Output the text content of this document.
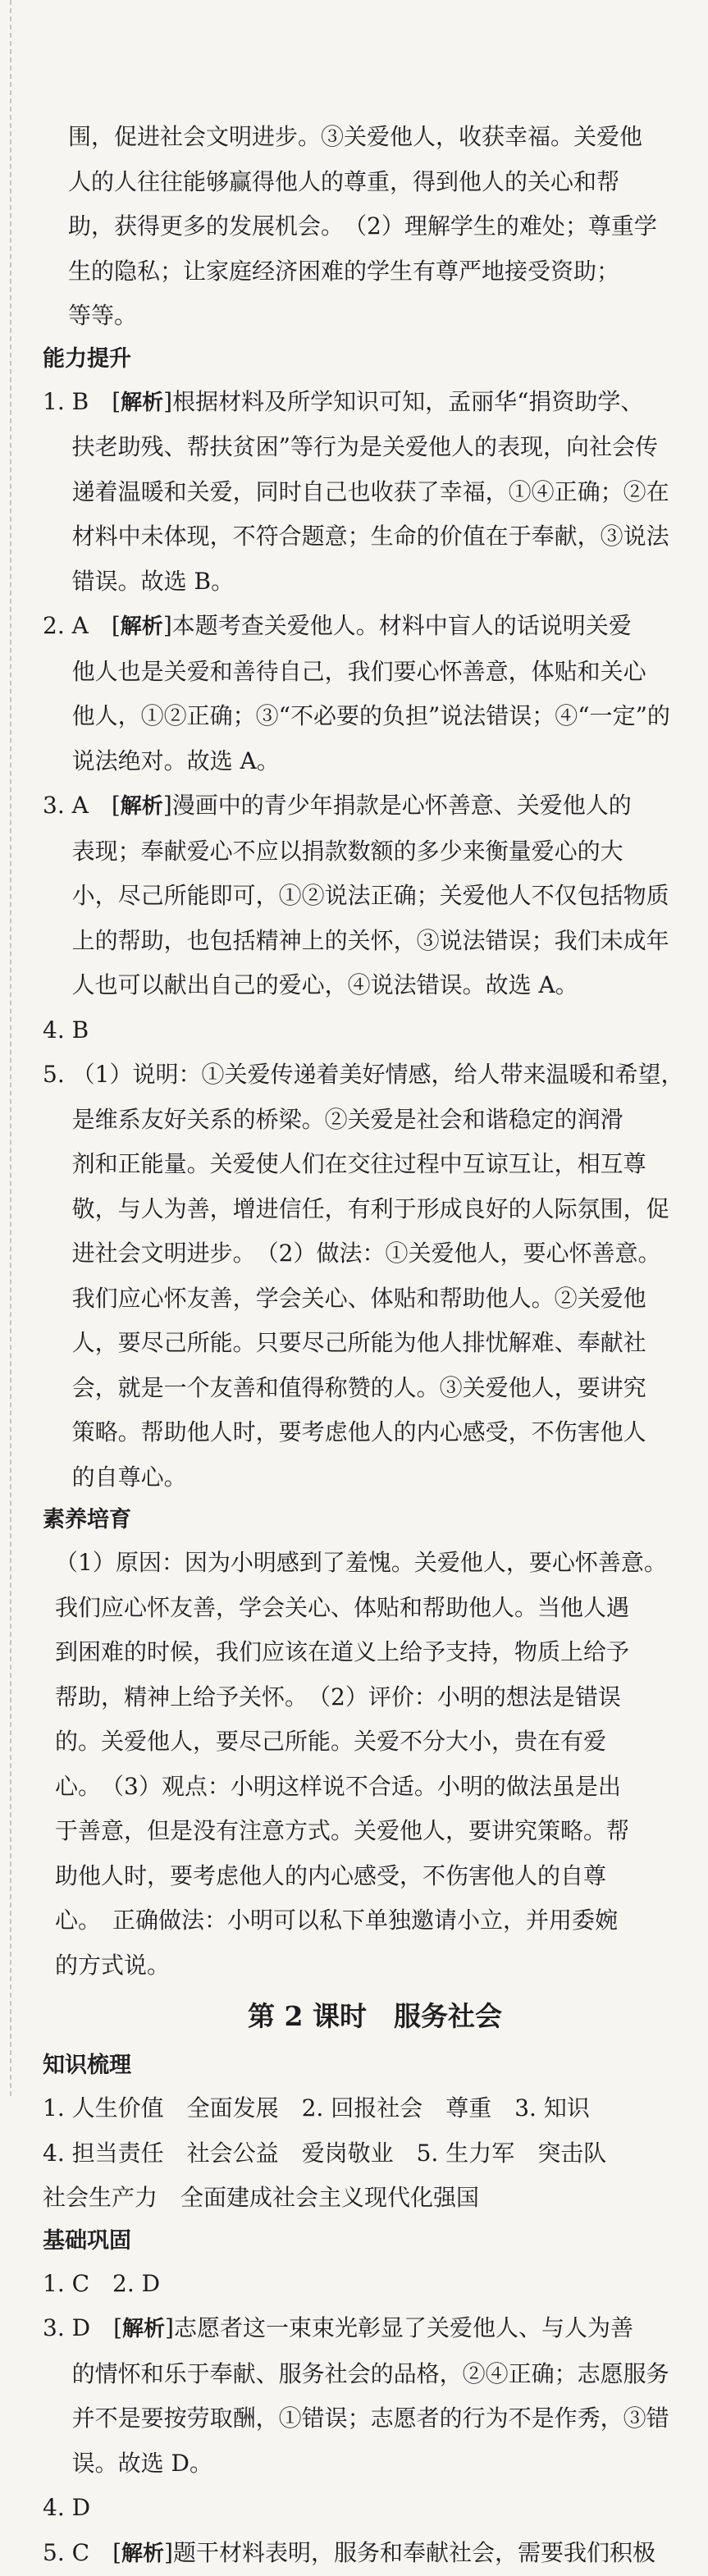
围，促进社会文明进步。③关爱他人，收获幸福。关爱他

人的人往往能够赢得他人的尊重，得到他人的关心和帮

助，获得更多的发展机会。　（2）理解学生的难处；尊重学

生的隐私；让家庭经济困难的学生有尊严地接受资助；

等等。

能力提升

1. B　[解析]根据材料及所学知识可知，孟丽华“捐资助学、

扶老助残、帮扶贫困”等行为是关爱他人的表现，向社会传

递着温暖和关爱，同时自己也收获了幸福，①④正确；②在

材料中未体现，不符合题意；生命的价值在于奉献，③说法

错误。故选 B。

2. A　[解析]本题考查关爱他人。材料中盲人的话说明关爱

他人也是关爱和善待自己，我们要心怀善意，体贴和关心

他人，①②正确；③“不必要的负担”说法错误；④“一定”的

说法绝对。故选 A。

3. A　[解析]漫画中的青少年捐款是心怀善意、关爱他人的

表现；奉献爱心不应以捐款数额的多少来衡量爱心的大

小，尽己所能即可，①②说法正确；关爱他人不仅包括物质

上的帮助，也包括精神上的关怀，③说法错误；我们未成年

人也可以献出自己的爱心，④说法错误。故选 A。

4. B
5. （1）说明：①关爱传递着美好情感，给人带来温暖和希望，

是维系友好关系的桥梁。②关爱是社会和谐稳定的润滑

剂和正能量。关爱使人们在交往过程中互谅互让，相互尊

敬，与人为善，增进信任，有利于形成良好的人际氛围，促

进社会文明进步。　（2）做法：①关爱他人，要心怀善意。

我们应心怀友善，学会关心、体贴和帮助他人。②关爱他

人，要尽己所能。只要尽己所能为他人排忧解难、奉献社

会，就是一个友善和值得称赞的人。③关爱他人，要讲究

策略。帮助他人时，要考虑他人的内心感受，不伤害他人

的自尊心。

素养培育

（1）原因：因为小明感到了羞愧。关爱他人，要心怀善意。

我们应心怀友善，学会关心、体贴和帮助他人。当他人遇

到困难的时候，我们应该在道义上给予支持，物质上给予

帮助，精神上给予关怀。　（2）评价：小明的想法是错误

的。关爱他人，要尽己所能。关爱不分大小，贵在有爱

心。　（3）观点：小明这样说不合适。小明的做法虽是出

于善意，但是没有注意方式。关爱他人，要讲究策略。帮

助他人时，要考虑他人的内心感受，不伤害他人的自尊

心。　正确做法：小明可以私下单独邀请小立，并用委婉

的方式说。

第 2 课时　服务社会

知识梳理

1. 人生价值　全面发展　2. 回报社会　尊重　3. 知识

4. 担当责任　社会公益　爱岗敬业　5. 生力军　突击队

社会生产力　全面建成社会主义现代化强国

基础巩固

1. C　2. D

3. D　[解析]志愿者这一束束光彰显了关爱他人、与人为善

的情怀和乐于奉献、服务社会的品格，②④正确；志愿服务

并不是要按劳取酬，①错误；志愿者的行为不是作秀，③错

误。故选 D。

4. D

5. C　[解析]题干材料表明，服务和奉献社会，需要我们积极
